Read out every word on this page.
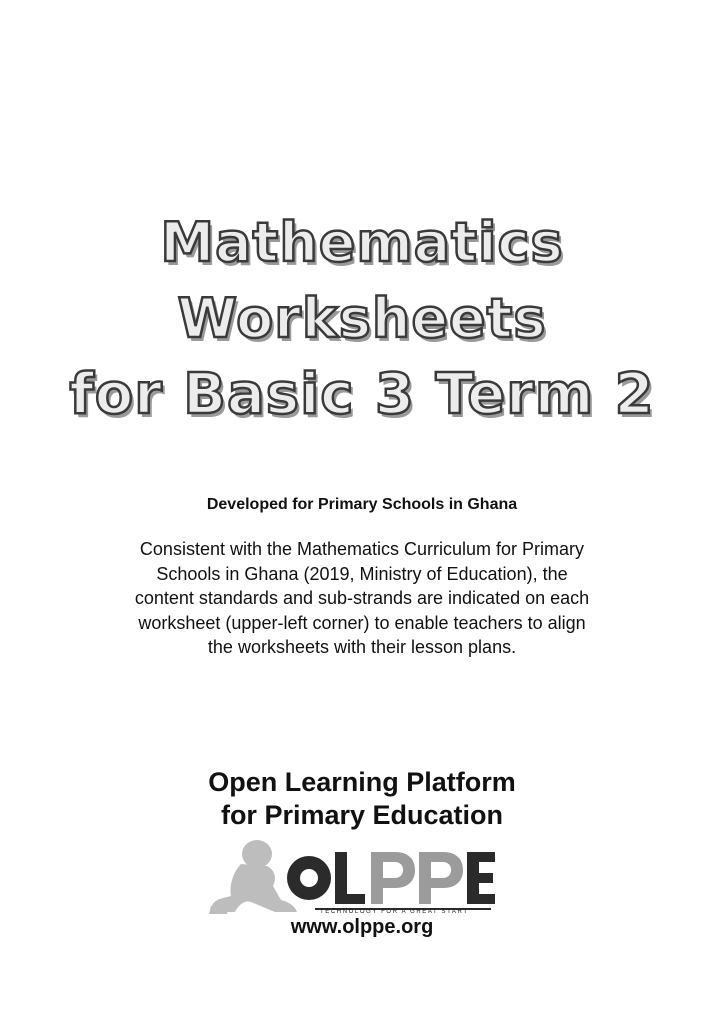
Mathematics
Worksheets
for Basic 3 Term 2
Developed for Primary Schools in Ghana
Consistent with the Mathematics Curriculum for Primary Schools in Ghana (2019, Ministry of Education), the content standards and sub-strands are indicated on each worksheet (upper-left corner) to enable teachers to align the worksheets with their lesson plans.
Open Learning Platform
for Primary Education
TECHNOLOGY FOR A GREAT START
www.olppe.org
